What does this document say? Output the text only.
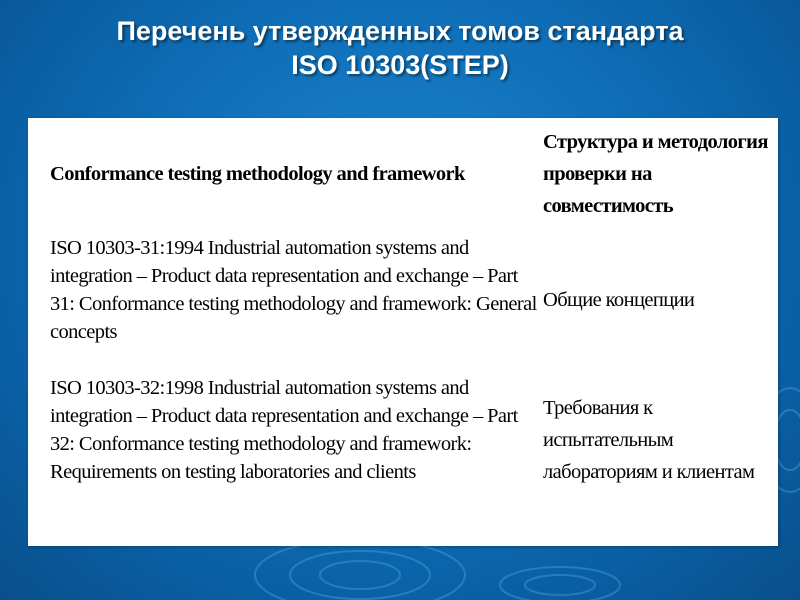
Перечень утвержденных томов стандарта
ISO 10303(STEP)
Conformance testing methodology and framework
Структура и методология проверки на совместимость
ISO 10303-31:1994 Industrial automation systems and integration – Product data representation and exchange – Part 31: Conformance testing methodology and framework: General concepts
Общие концепции
ISO 10303-32:1998 Industrial automation systems and integration – Product data representation and exchange – Part 32: Conformance testing methodology and framework: Requirements on testing laboratories and clients
Требования к испытательным лабораториям и клиентам
